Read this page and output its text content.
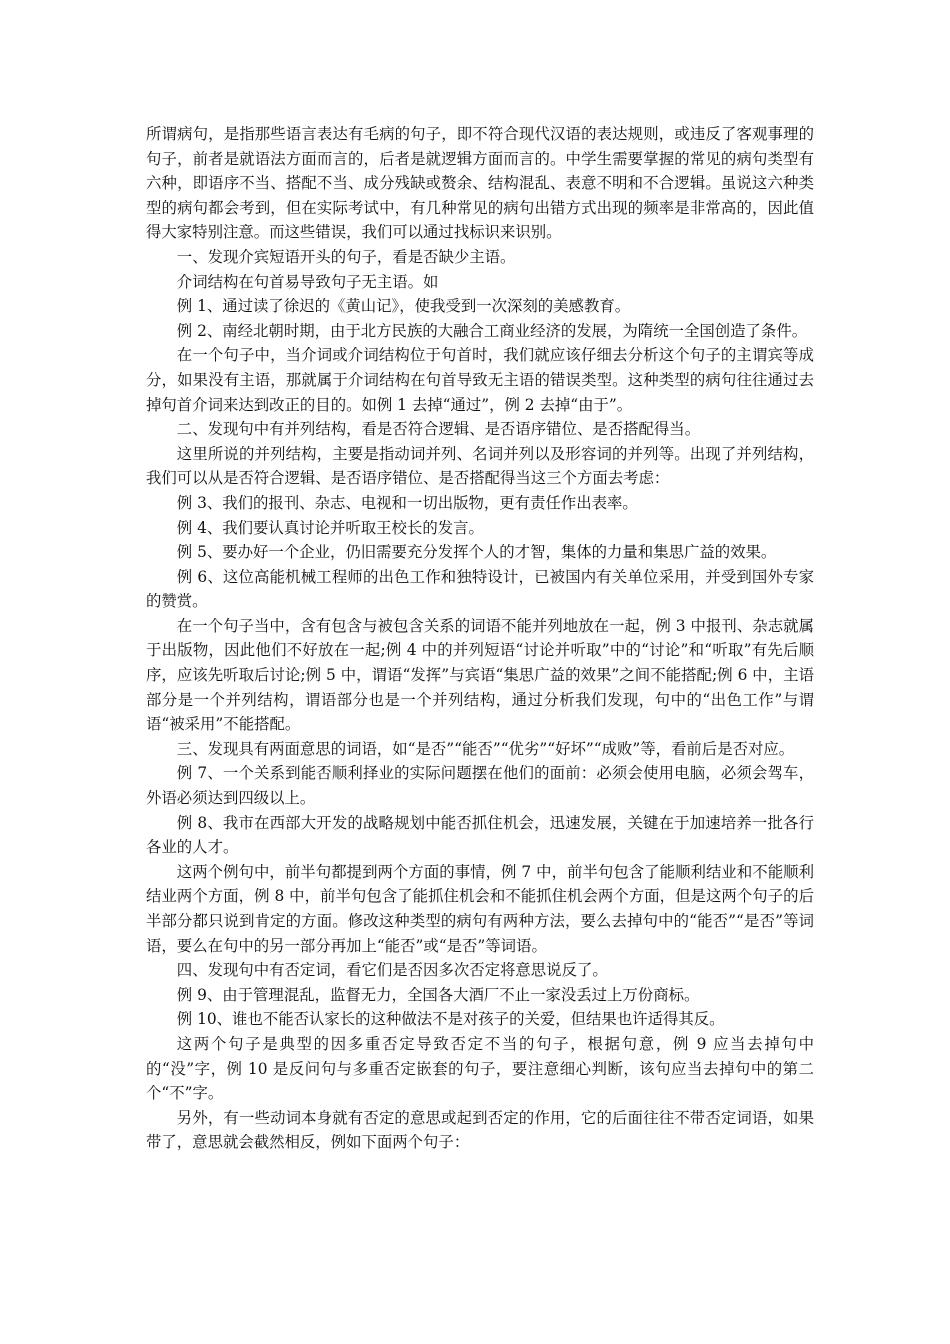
所谓病句，是指那些语言表达有毛病的句子，即不符合现代汉语的表达规则，或违反了客观事理的句子，前者是就语法方面而言的，后者是就逻辑方面而言的。中学生需要掌握的常见的病句类型有六种，即语序不当、搭配不当、成分残缺或赘余、结构混乱、表意不明和不合逻辑。虽说这六种类型的病句都会考到，但在实际考试中，有几种常见的病句出错方式出现的频率是非常高的，因此值得大家特别注意。而这些错误，我们可以通过找标识来识别。

一、发现介宾短语开头的句子，看是否缺少主语。

介词结构在句首易导致句子无主语。如

例 1、通过读了徐迟的《黄山记》，使我受到一次深刻的美感教育。

例 2、南经北朝时期，由于北方民族的大融合工商业经济的发展，为隋统一全国创造了条件。

在一个句子中，当介词或介词结构位于句首时，我们就应该仔细去分析这个句子的主谓宾等成分，如果没有主语，那就属于介词结构在句首导致无主语的错误类型。这种类型的病句往往通过去掉句首介词来达到改正的目的。如例 1 去掉“通过”，例 2 去掉“由于”。

二、发现句中有并列结构，看是否符合逻辑、是否语序错位、是否搭配得当。

这里所说的并列结构，主要是指动词并列、名词并列以及形容词的并列等。出现了并列结构，我们可以从是否符合逻辑、是否语序错位、是否搭配得当这三个方面去考虑：

例 3、我们的报刊、杂志、电视和一切出版物，更有责任作出表率。

例 4、我们要认真讨论并听取王校长的发言。

例 5、要办好一个企业，仍旧需要充分发挥个人的才智，集体的力量和集思广益的效果。

例 6、这位高能机械工程师的出色工作和独特设计，已被国内有关单位采用，并受到国外专家的赞赏。

在一个句子当中，含有包含与被包含关系的词语不能并列地放在一起，例 3 中报刊、杂志就属于出版物，因此他们不好放在一起;例 4 中的并列短语“讨论并听取”中的“讨论”和“听取”有先后顺序，应该先听取后讨论;例 5 中，谓语“发挥”与宾语“集思广益的效果”之间不能搭配;例 6 中，主语部分是一个并列结构，谓语部分也是一个并列结构，通过分析我们发现，句中的“出色工作”与谓语“被采用”不能搭配。

三、发现具有两面意思的词语，如“是否”“能否”“优劣”“好坏”“成败”等，看前后是否对应。

例 7、一个关系到能否顺利择业的实际问题摆在他们的面前：必须会使用电脑，必须会驾车，外语必须达到四级以上。

例 8、我市在西部大开发的战略规划中能否抓住机会，迅速发展，关键在于加速培养一批各行各业的人才。

这两个例句中，前半句都提到两个方面的事情，例 7 中，前半句包含了能顺利结业和不能顺利结业两个方面，例 8 中，前半句包含了能抓住机会和不能抓住机会两个方面，但是这两个句子的后半部分都只说到肯定的方面。修改这种类型的病句有两种方法，要么去掉句中的“能否”“是否”等词语，要么在句中的另一部分再加上“能否”或“是否”等词语。

四、发现句中有否定词，看它们是否因多次否定将意思说反了。

例 9、由于管理混乱，监督无力，全国各大酒厂不止一家没丢过上万份商标。

例 10、谁也不能否认家长的这种做法不是对孩子的关爱，但结果也许适得其反。

这两个句子是典型的因多重否定导致否定不当的句子，根据句意，例 9 应当去掉句中的“没”字，例 10 是反问句与多重否定嵌套的句子，要注意细心判断，该句应当去掉句中的第二个“不”字。

另外，有一些动词本身就有否定的意思或起到否定的作用，它的后面往往不带否定词语，如果带了，意思就会截然相反，例如下面两个句子：
